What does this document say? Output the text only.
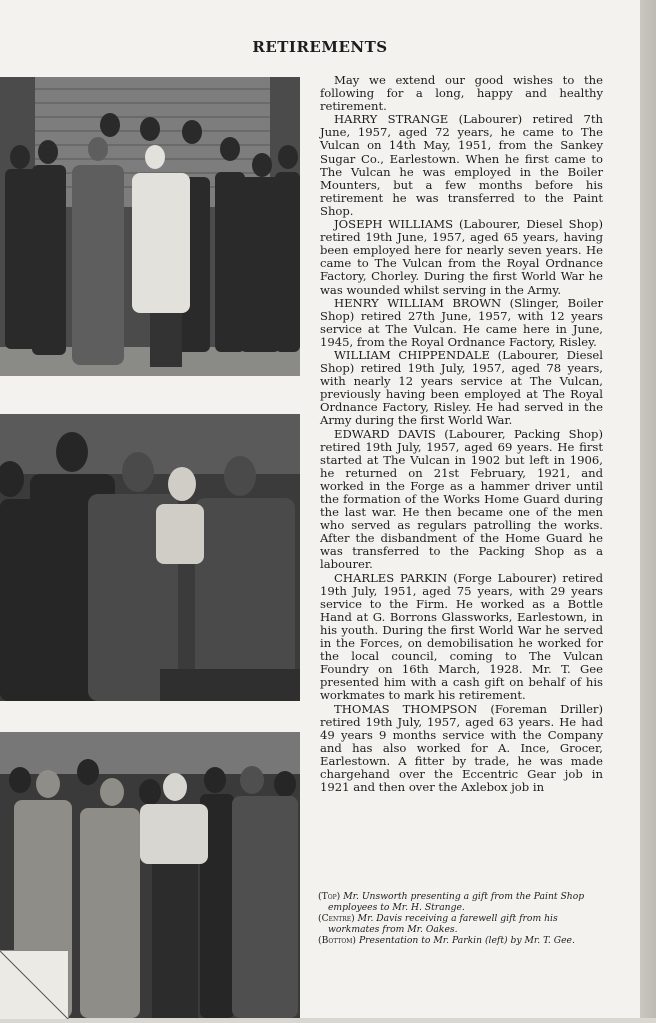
RETIREMENTS

May we extend our good wishes to the following for a long, happy and healthy retirement.

HARRY STRANGE (Labourer) retired 7th June, 1957, aged 72 years, he came to The Vulcan on 14th May, 1951, from the Sankey Sugar Co., Earlestown. When he first came to The Vulcan he was employed in the Boiler Mounters, but a few months before his retirement he was transferred to the Paint Shop.

JOSEPH WILLIAMS (Labourer, Diesel Shop) retired 19th June, 1957, aged 65 years, having been employed here for nearly seven years. He came to The Vulcan from the Royal Ordnance Factory, Chorley. During the first World War he was wounded whilst serving in the Army.

HENRY WILLIAM BROWN (Slinger, Boiler Shop) retired 27th June, 1957, with 12 years service at The Vulcan. He came here in June, 1945, from the Royal Ordnance Factory, Risley.

WILLIAM CHIPPENDALE (Labourer, Diesel Shop) retired 19th July, 1957, aged 78 years, with nearly 12 years service at The Vulcan, previously having been employed at The Royal Ordnance Factory, Risley. He had served in the Army during the first World War.

EDWARD DAVIS (Labourer, Packing Shop) retired 19th July, 1957, aged 69 years. He first started at The Vulcan in 1902 but left in 1906, he returned on 21st February, 1921, and worked in the Forge as a hammer driver until the formation of the Works Home Guard during the last war. He then became one of the men who served as regulars patrolling the works. After the disbandment of the Home Guard he was transferred to the Packing Shop as a labourer.

CHARLES PARKIN (Forge Labourer) retired 19th July, 1951, aged 75 years, with 29 years service to the Firm. He worked as a Bottle Hand at G. Borrons Glassworks, Earlestown, in his youth. During the first World War he served in the Forces, on demobilisation he worked for the local council, coming to The Vulcan Foundry on 16th March, 1928. Mr. T. Gee presented him with a cash gift on behalf of his workmates to mark his retirement.

THOMAS THOMPSON (Foreman Driller) retired 19th July, 1957, aged 63 years. He had 49 years 9 months service with the Company and has also worked for A. Ince, Grocer, Earlestown. A fitter by trade, he was made chargehand over the Eccentric Gear job in 1921 and then over the Axlebox job in

(Top) Mr. Unsworth presenting a gift from the Paint Shop employees to Mr. H. Strange.

(Centre) Mr. Davis receiving a farewell gift from his workmates from Mr. Oakes.

(Bottom) Presentation to Mr. Parkin (left) by Mr. T. Gee.
